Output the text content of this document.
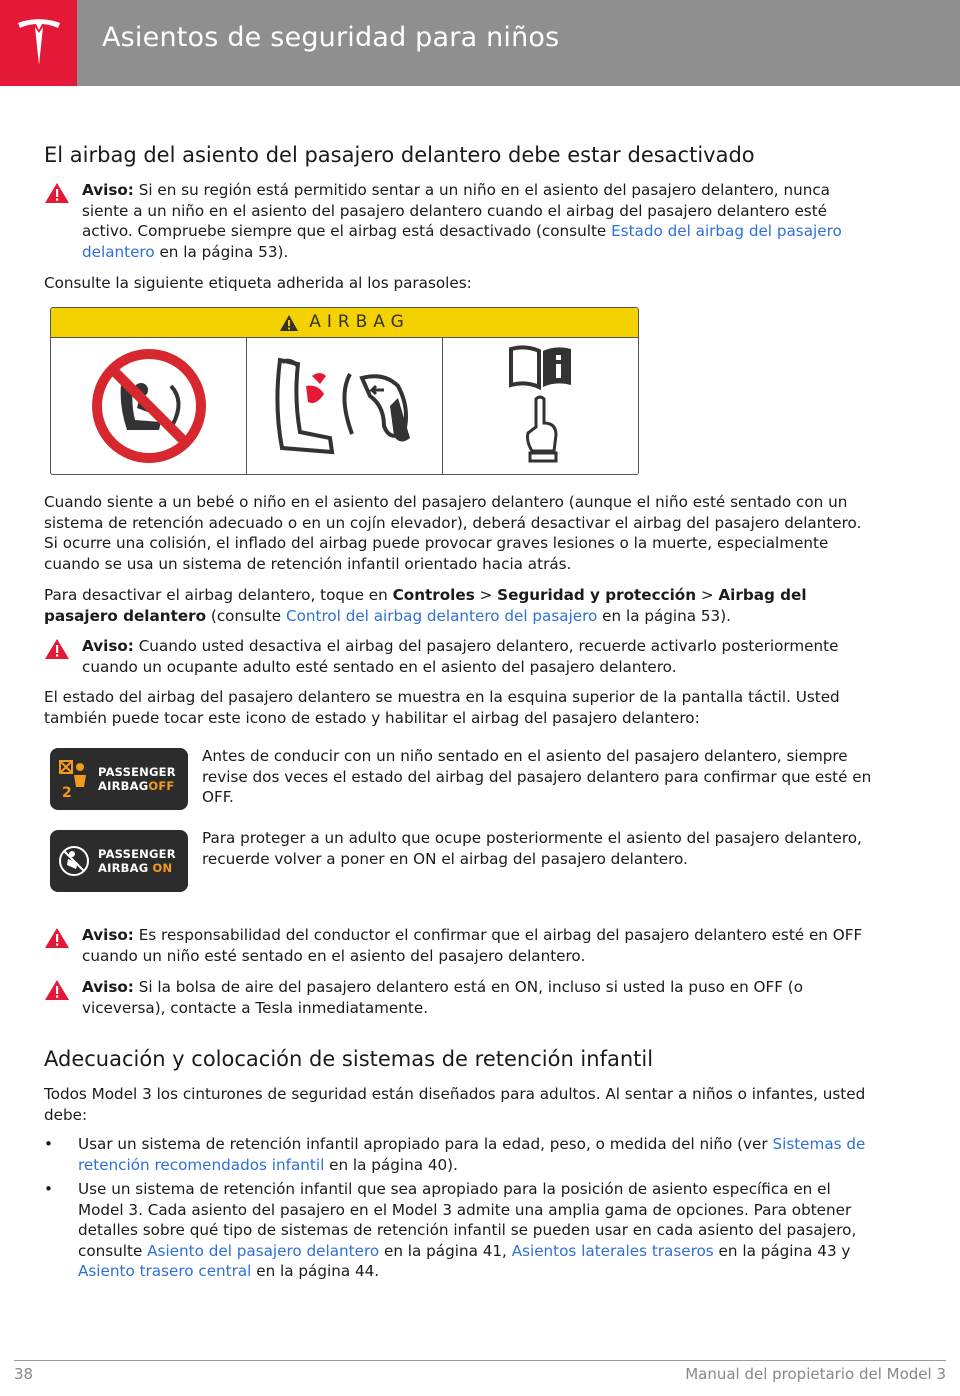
Asientos de seguridad para niños
El airbag del asiento del pasajero delantero debe estar desactivado
Aviso: Si en su región está permitido sentar a un niño en el asiento del pasajero delantero, nunca siente a un niño en el asiento del pasajero delantero cuando el airbag del pasajero delantero esté activo. Compruebe siempre que el airbag está desactivado (consulte Estado del airbag del pasajero delantero en la página 53).

Consulte la siguiente etiqueta adherida al los parasoles:

AIRBAG

Cuando siente a un bebé o niño en el asiento del pasajero delantero (aunque el niño esté sentado con un sistema de retención adecuado o en un cojín elevador), deberá desactivar el airbag del pasajero delantero. Si ocurre una colisión, el inflado del airbag puede provocar graves lesiones o la muerte, especialmente cuando se usa un sistema de retención infantil orientado hacia atrás.

Para desactivar el airbag delantero, toque en Controles > Seguridad y protección > Airbag del pasajero delantero (consulte Control del airbag delantero del pasajero en la página 53).

Aviso: Cuando usted desactiva el airbag del pasajero delantero, recuerde activarlo posteriormente cuando un ocupante adulto esté sentado en el asiento del pasajero delantero.

El estado del airbag del pasajero delantero se muestra en la esquina superior de la pantalla táctil. Usted también puede tocar este icono de estado y habilitar el airbag del pasajero delantero:

2
PASSENGER
AIRBAGOFF

Antes de conducir con un niño sentado en el asiento del pasajero delantero, siempre revise dos veces el estado del airbag del pasajero delantero para confirmar que esté en OFF.

PASSENGER
AIRBAG ON

Para proteger a un adulto que ocupe posteriormente el asiento del pasajero delantero, recuerde volver a poner en ON el airbag del pasajero delantero.

Aviso: Es responsabilidad del conductor el confirmar que el airbag del pasajero delantero esté en OFF cuando un niño esté sentado en el asiento del pasajero delantero.
Aviso: Si la bolsa de aire del pasajero delantero está en ON, incluso si usted la puso en OFF (o viceversa), contacte a Tesla inmediatamente.
Adecuación y colocación de sistemas de retención infantil

Todos Model 3 los cinturones de seguridad están diseñados para adultos. Al sentar a niños o infantes, usted debe:

• Usar un sistema de retención infantil apropiado para la edad, peso, o medida del niño (ver Sistemas de retención recomendados infantil en la página 40).
• Use un sistema de retención infantil que sea apropiado para la posición de asiento específica en el Model 3. Cada asiento del pasajero en el Model 3 admite una amplia gama de opciones. Para obtener detalles sobre qué tipo de sistemas de retención infantil se pueden usar en cada asiento del pasajero, consulte Asiento del pasajero delantero en la página 41, Asientos laterales traseros en la página 43 y Asiento trasero central en la página 44.
38	Manual del propietario del Model 3
